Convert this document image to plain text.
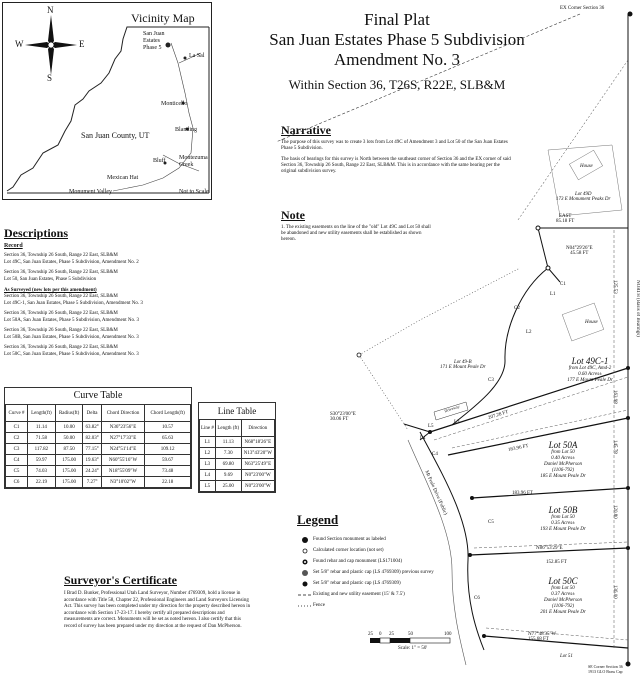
Final Plat
San Juan Estates Phase 5 Subdivision
Amendment No. 3
Within Section 36, T26S, R22E, SLB&M
Vicinity Map
N
S
W	E
San Juan Estates Phase 5
La Sal
Monticello
San Juan County, UT
Blanding
Bluff Montezuma Creek
Mexican Hat
Monument Valley	Not to Scale
Descriptions
Record
Section 36, Township 26 South, Range 22 East, SLB&M
Lot 49C, San Juan Estates, Phase 5 Subdivision, Amendment No. 2
Section 36, Township 26 South, Range 22 East, SLB&M
Lot 50, San Juan Estates, Phase 5 Subdivision
As Surveyed (new lots per this amendment)
Section 36, Township 26 South, Range 22 East, SLB&M
Lot 49C-1, San Juan Estates, Phase 5 Subdivision, Amendment No. 3
Section 36, Township 26 South, Range 22 East, SLB&M
Lot 50A, San Juan Estates, Phase 5 Subdivision, Amendment No. 3
Section 36, Township 26 South, Range 22 East, SLB&M
Lot 50B, San Juan Estates, Phase 5 Subdivision, Amendment No. 3
Section 36, Township 26 South, Range 22 East, SLB&M
Lot 50C, San Juan Estates, Phase 5 Subdivision, Amendment No. 3
Curve Table
Curve #	Length(ft)	Radius(ft)	Delta	Chord Direction	Chord Length(ft)
C1	11.14	10.00	63.82°	N36°23'56"E	10.57
C2	71.58	50.00	82.03°	N27°17'33"E	65.63
C3	117.82	87.50	77.15°	N24°51'14"E	109.12
C4	59.97	175.00	19.63°	N60°55'16"W	59.67
C5	74.03	175.00	24.24°	N18°55'09"W	73.48
C6	22.19	175.00	7.27°	N3°10'02"W	22.18
Line Table
Line #	Length (ft)	Direction
L1	11.13	N68°18'26"E
L2	7.30	N13°43'20"W
L3	69.80	N63°25'49"E
L4	9.69	N0°23'00"W
L5	25.00	N0°23'00"W
Narrative
The purpose of this survey was to create 3 lots from Lot 49C of Amendment 3 and Lot 50 of the San Juan Estates Phase 5 Subdivision.
The basis of bearings for this survey is North between the southeast corner of Section 36 and the EX corner of said Section 36, Township 26 South, Range 22 East, SLB&M. This is in accordance with the same bearing per the original subdivision survey.
Note
1. The existing easements on the line of the "old" Lot 49C and Lot 50 shall be abandoned and new utility easements shall be established as shown hereon.
EX Corner Section 36
House
Lot 49D
173 E Monument Peaks Dr
EAST
85.18 FT
N04°29'26"E
45.58 FT
House
Lot 49-B
171 E Mount Peale Dr
Lot 49C-1
from Lot 49C, Amd-2
0.60 Acres±
177 E Mount Peale Dr
Lot 50A
from Lot 50
0.40 Acres±
Daniel McPherson
(1106-792)
185 E Mount Peale Dr
Lot 50B
from Lot 50
0.35 Acres±
193 E Mount Peale Dr
Lot 50C
from Lot 50
0.37 Acres±
Daniel McPherson
(1106-792)
201 E Mount Peale Dr
Lot 51
SE Corner Section 36
1913 GLO Brass Cap
S30°23'00"E
30.06 FT
N86°53'29"E
152.85 FT
N77°48'35"W
155.68 FT
Mt Peale Drive (Public)
NORTH (Basis of Bearings)
Driveway
207.28 FT
183.96 FT
183.96 FT
163.98
145.78
120.80
136.00
125.53
C1
C2
C3
C4
C5
C6
L1
L2
L3
L4
L5
Legend
Found Section monument as labeled
Calculated corner location (not set)
Found rebar and cap monument (LS171004)
Set 5/8" rebar and plastic cap (LS 4769309) previous survey
Set 5/8" rebar and plastic cap (LS 4769309)
Existing and new utility easement (15' & 7.5')
Fence
25 0 25	50	100
Scale: 1" = 50'
Surveyor's Certificate
I Brad D. Bunker, Professional Utah Land Surveyor, Number 4769309, hold a license in accordance with Title 58, Chapter 22, Professional Engineers and Land Surveyors Licensing Act. This survey has been completed under my direction for the property described hereon in accordance with Section 17-23-17. I hereby certify all prepared descriptions and measurements are correct. Monuments will be set as noted hereon. I also certify that this record of survey has been prepared under my direction at the request of Dan McPherson.
